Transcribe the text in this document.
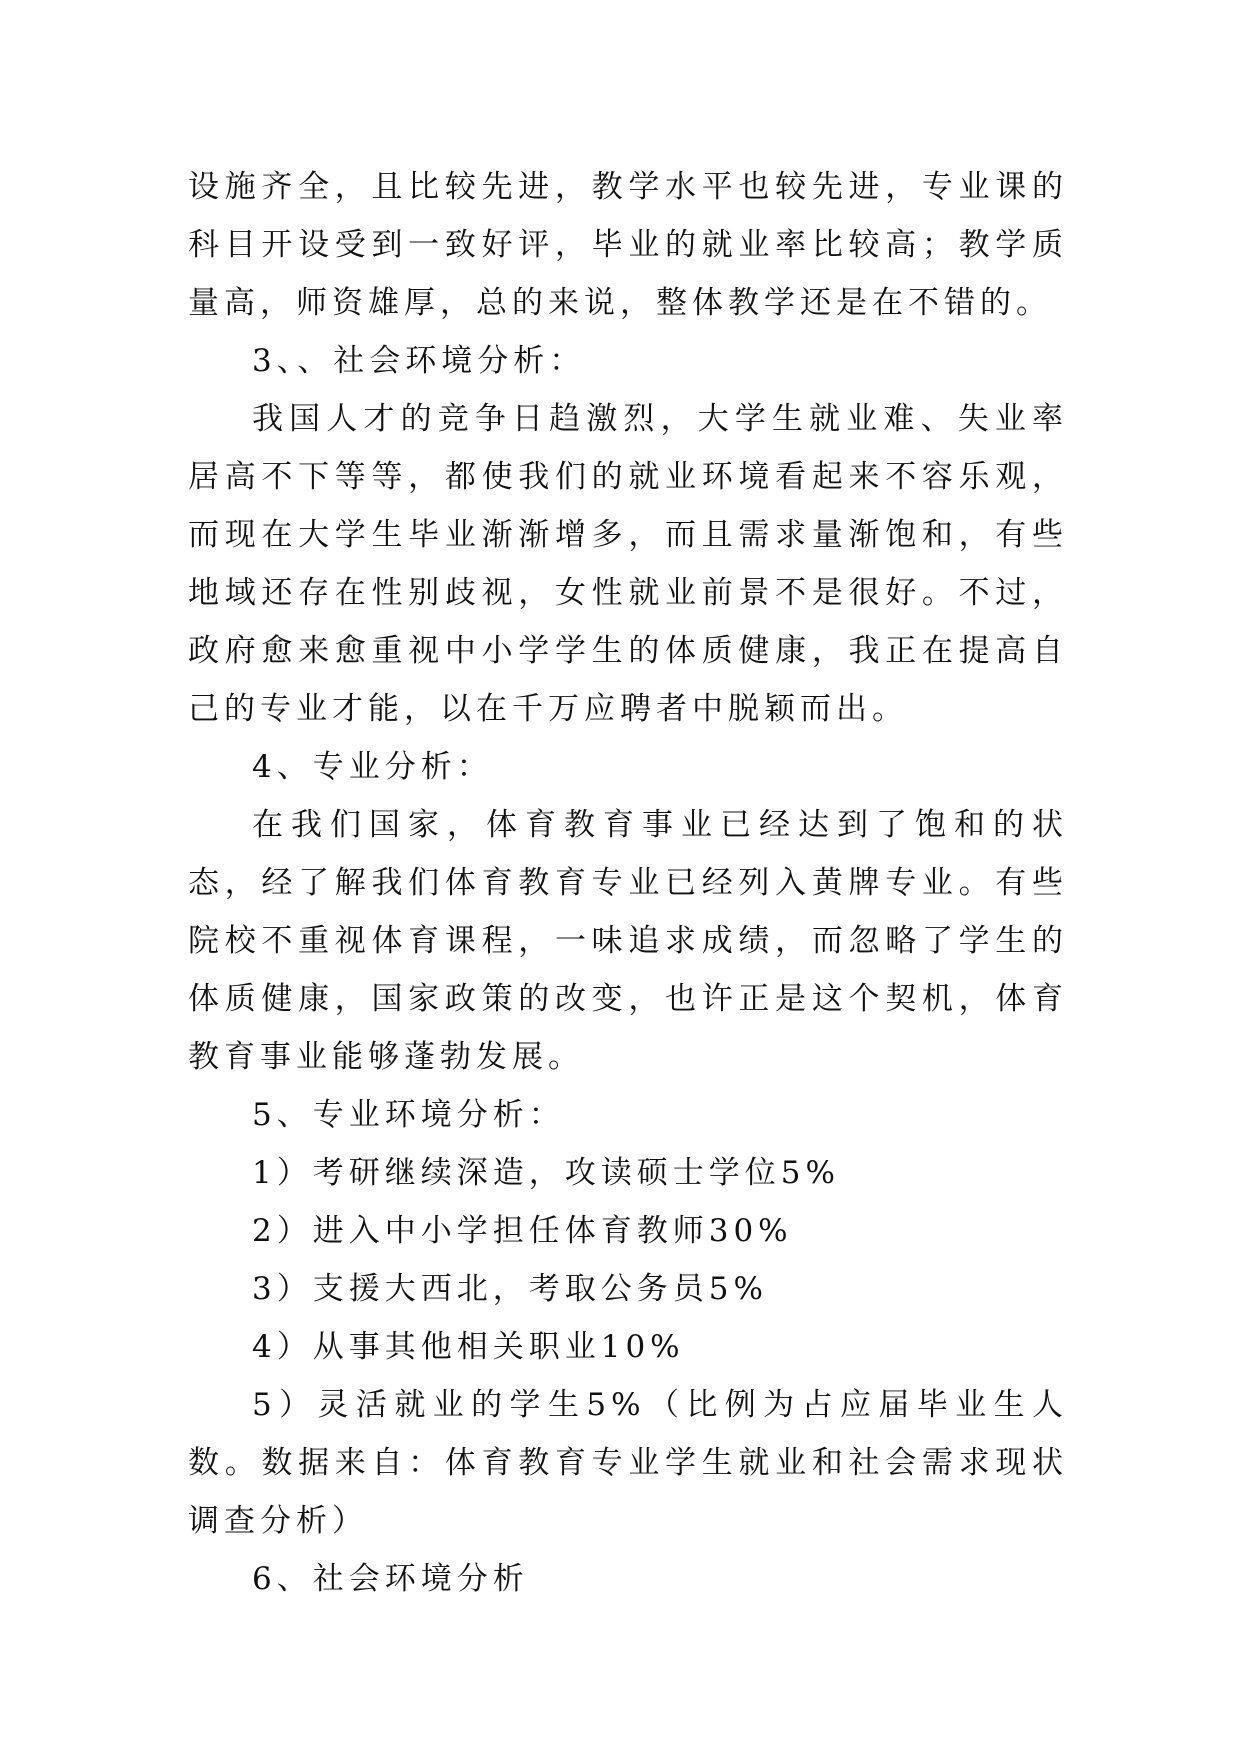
设施齐全，且比较先进，教学水平也较先进，专业课的科目开设受到一致好评，毕业的就业率比较高；教学质量高，师资雄厚，总的来说，整体教学还是在不错的。

3、、社会环境分析：

我国人才的竞争日趋激烈，大学生就业难、失业率居高不下等等，都使我们的就业环境看起来不容乐观，而现在大学生毕业渐渐增多，而且需求量渐饱和，有些地域还存在性别歧视，女性就业前景不是很好。不过，政府愈来愈重视中小学学生的体质健康，我正在提高自己的专业才能，以在千万应聘者中脱颖而出。

4、专业分析：

在我们国家，体育教育事业已经达到了饱和的状态，经了解我们体育教育专业已经列入黄牌专业。有些院校不重视体育课程，一味追求成绩，而忽略了学生的体质健康，国家政策的改变，也许正是这个契机，体育教育事业能够蓬勃发展。

5、专业环境分析：

1）考研继续深造，攻读硕士学位5%

2）进入中小学担任体育教师30%

3）支援大西北，考取公务员5%

4）从事其他相关职业10%

5）灵活就业的学生5%（比例为占应届毕业生人数。数据来自：体育教育专业学生就业和社会需求现状调查分析）

6、社会环境分析
